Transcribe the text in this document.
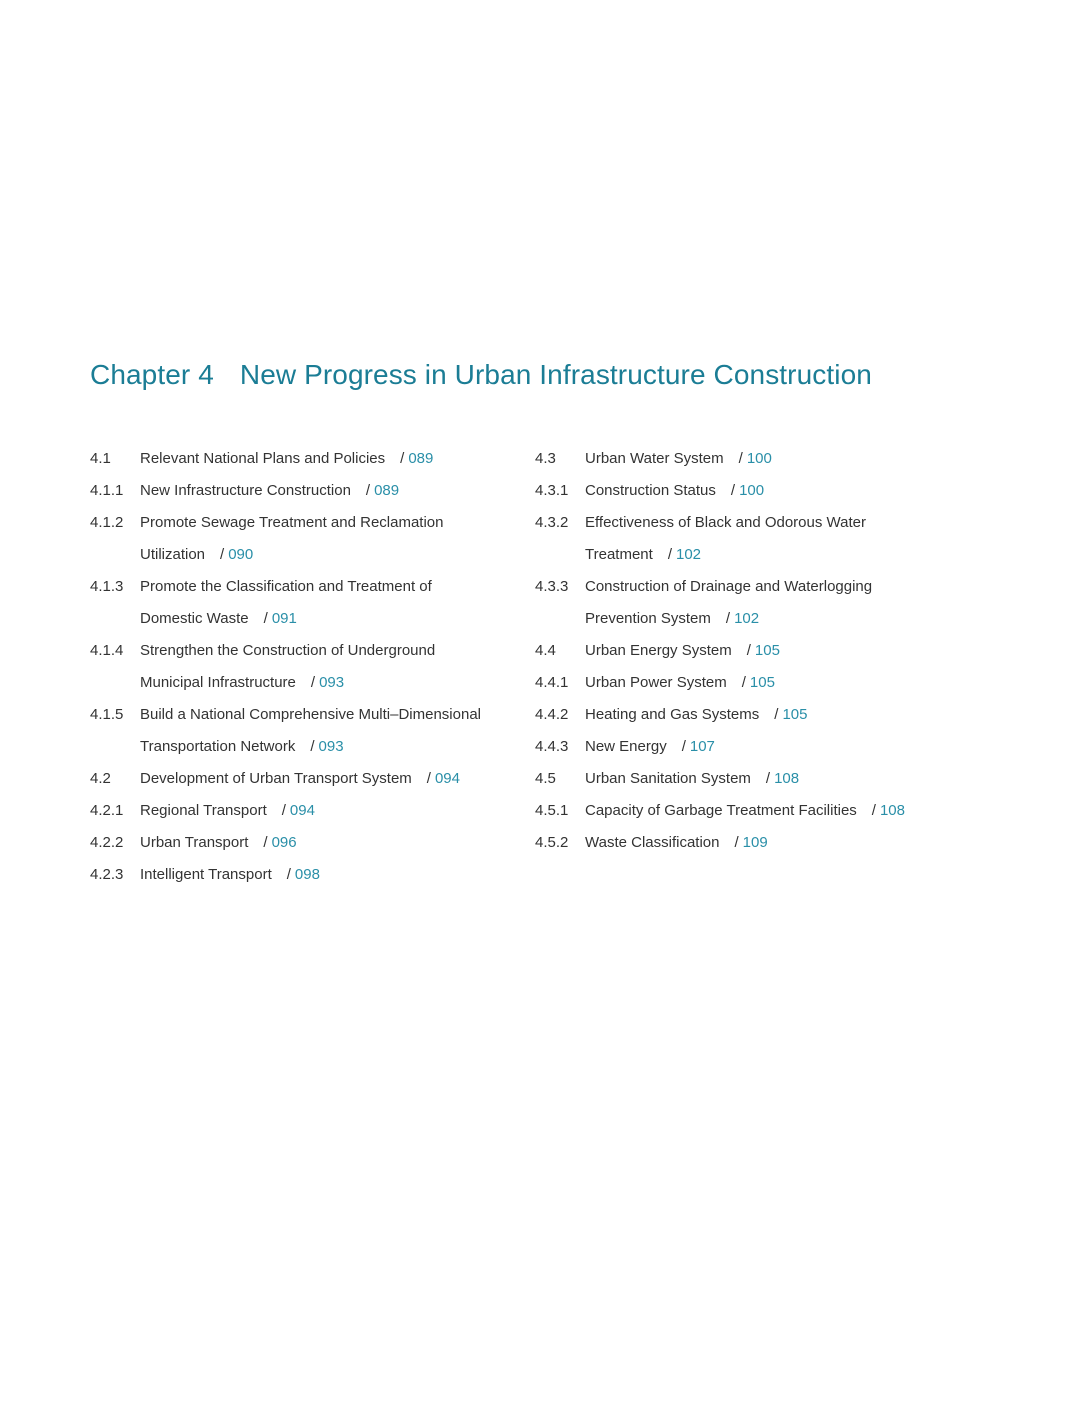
Chapter 4 New Progress in Urban Infrastructure Construction
4.1 Relevant National Plans and Policies / 089
4.1.1 New Infrastructure Construction / 089
4.1.2 Promote Sewage Treatment and Reclamation
Utilization / 090
4.1.3 Promote the Classification and Treatment of
Domestic Waste / 091
4.1.4 Strengthen the Construction of Underground
Municipal Infrastructure / 093
4.1.5 Build a National Comprehensive Multi–Dimensional
Transportation Network / 093
4.2 Development of Urban Transport System / 094
4.2.1 Regional Transport / 094
4.2.2 Urban Transport / 096
4.2.3 Intelligent Transport / 098
4.3 Urban Water System / 100
4.3.1 Construction Status / 100
4.3.2 Effectiveness of Black and Odorous Water
Treatment / 102
4.3.3 Construction of Drainage and Waterlogging
Prevention System / 102
4.4 Urban Energy System / 105
4.4.1 Urban Power System / 105
4.4.2 Heating and Gas Systems / 105
4.4.3 New Energy / 107
4.5 Urban Sanitation System / 108
4.5.1 Capacity of Garbage Treatment Facilities / 108
4.5.2 Waste Classification / 109
